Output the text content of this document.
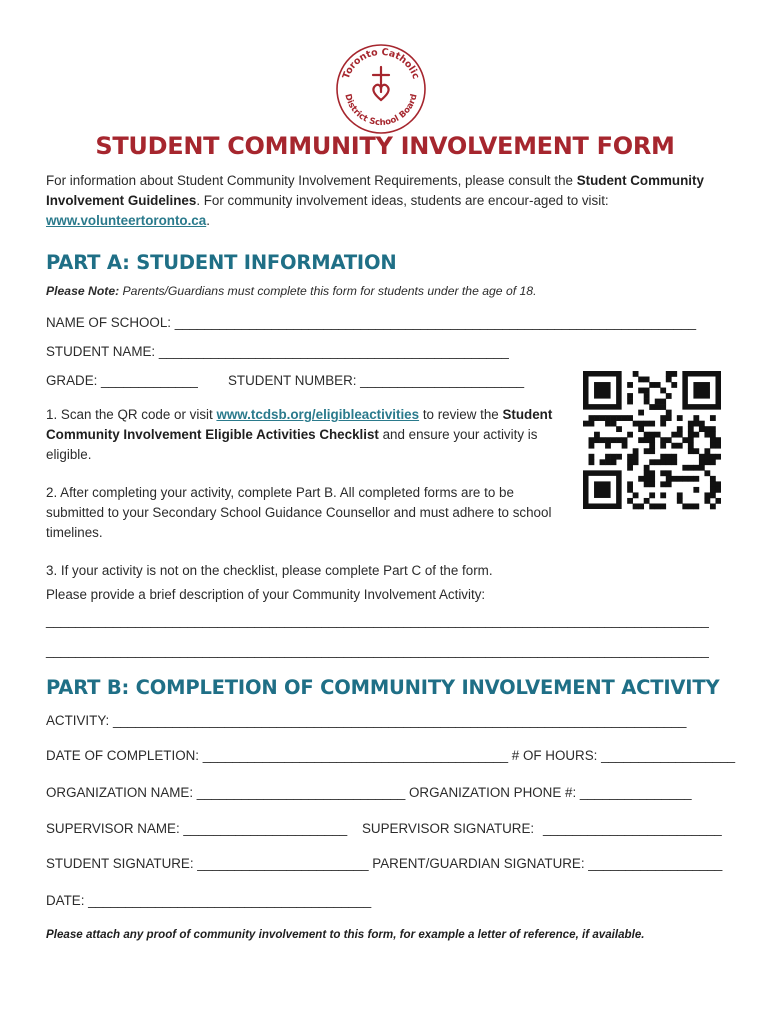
Toronto Catholic
District School Board
STUDENT COMMUNITY INVOLVEMENT FORM
For information about Student Community Involvement Requirements, please consult the Student Community Involvement Guidelines. For community involvement ideas, students are encour-aged to visit: www.volunteertoronto.ca.
PART A: STUDENT INFORMATION
Please Note: Parents/Guardians must complete this form for students under the age of 18.
NAME OF SCHOOL: ______________________________________________________________________
STUDENT NAME: _______________________________________________
GRADE: _____________ STUDENT NUMBER: ______________________
1. Scan the QR code or visit www.tcdsb.org/eligibleactivities to review the Student Community Involvement Eligible Activities Checklist and ensure your activity is eligible.
2. After completing your activity, complete Part B. All completed forms are to be submitted to your Secondary School Guidance Counsellor and must adhere to school timelines.
3. If your activity is not on the checklist, please complete Part C of the form.
Please provide a brief description of your Community Involvement Activity:
_________________________________________________________________________________________
_________________________________________________________________________________________
PART B: COMPLETION OF COMMUNITY INVOLVEMENT ACTIVITY
ACTIVITY: _____________________________________________________________________________
DATE OF COMPLETION: _________________________________________ # OF HOURS: __________________
ORGANIZATION NAME: ____________________________ ORGANIZATION PHONE #: _______________
SUPERVISOR NAME: ______________________ SUPERVISOR SIGNATURE: ________________________
STUDENT SIGNATURE: _______________________ PARENT/GUARDIAN SIGNATURE: __________________
DATE: ______________________________________
Please attach any proof of community involvement to this form, for example a letter of reference, if available.
